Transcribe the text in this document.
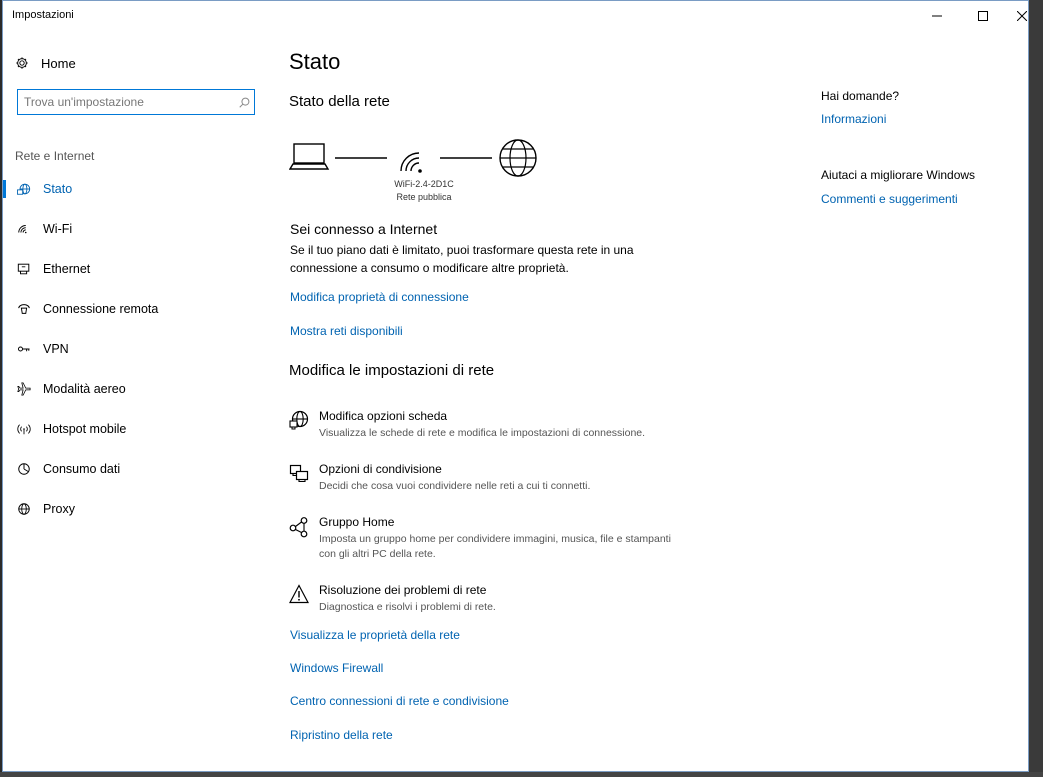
Impostazioni
Home
Trova un'impostazione
Rete e Internet
Stato
Wi-Fi
Ethernet
Connessione remota
VPN
Modalità aereo
Hotspot mobile
Consumo dati
Proxy
Stato
Stato della rete
WiFi-2.4-2D1C
Rete pubblica
Sei connesso a Internet
Se il tuo piano dati è limitato, puoi trasformare questa rete in una connessione a consumo o modificare altre proprietà.
Modifica proprietà di connessione
Mostra reti disponibili
Modifica le impostazioni di rete
Modifica opzioni scheda
Visualizza le schede di rete e modifica le impostazioni di connessione.
Opzioni di condivisione
Decidi che cosa vuoi condividere nelle reti a cui ti connetti.
Gruppo Home
Imposta un gruppo home per condividere immagini, musica, file e stampanti con gli altri PC della rete.
Risoluzione dei problemi di rete
Diagnostica e risolvi i problemi di rete.
Visualizza le proprietà della rete
Windows Firewall
Centro connessioni di rete e condivisione
Ripristino della rete
Hai domande?
Informazioni
Aiutaci a migliorare Windows
Commenti e suggerimenti
